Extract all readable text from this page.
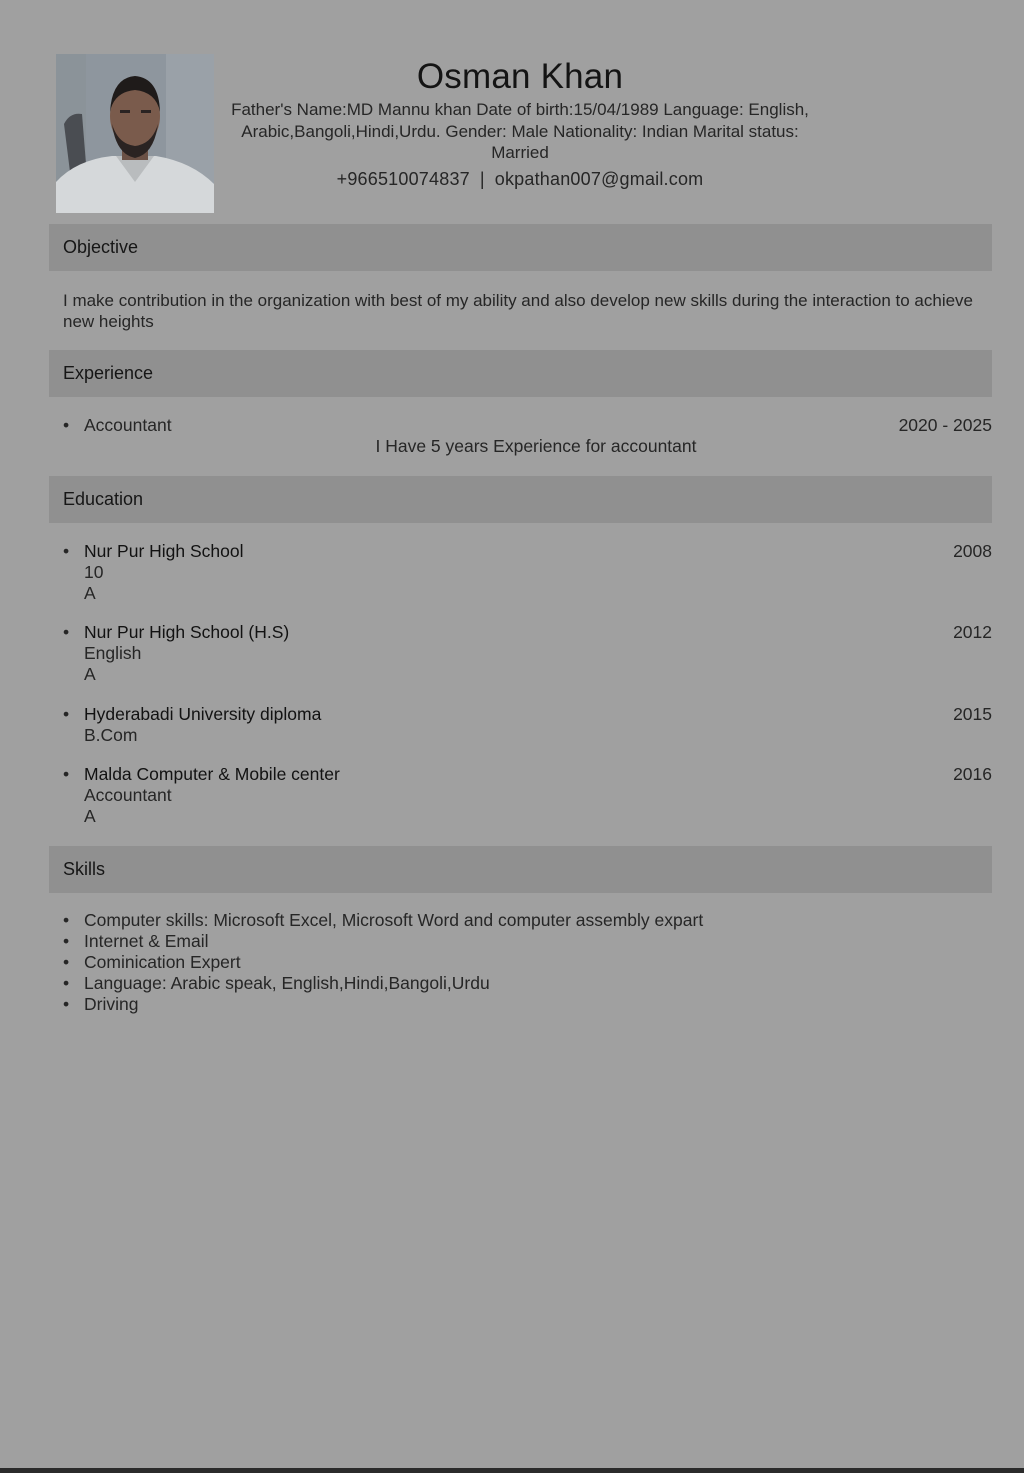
Osman Khan
Father's Name:MD Mannu khan Date of birth:15/04/1989 Language: English, Arabic,Bangoli,Hindi,Urdu. Gender: Male Nationality: Indian Marital status: Married
+966510074837 | okpathan007@gmail.com
Objective
I make contribution in the organization with best of my ability and also develop new skills during the interaction to achieve new heights
Experience
• Accountant	2020 - 2025
I Have 5 years Experience for accountant
Education
• Nur Pur High School	2008
10
A
• Nur Pur High School (H.S)	2012
English
A
• Hyderabadi University diploma	2015
B.Com
• Malda Computer & Mobile center	2016
Accountant
A
Skills
• Computer skills: Microsoft Excel, Microsoft Word and computer assembly expart
• Internet & Email
• Cominication Expert
• Language: Arabic speak, English,Hindi,Bangoli,Urdu
• Driving
